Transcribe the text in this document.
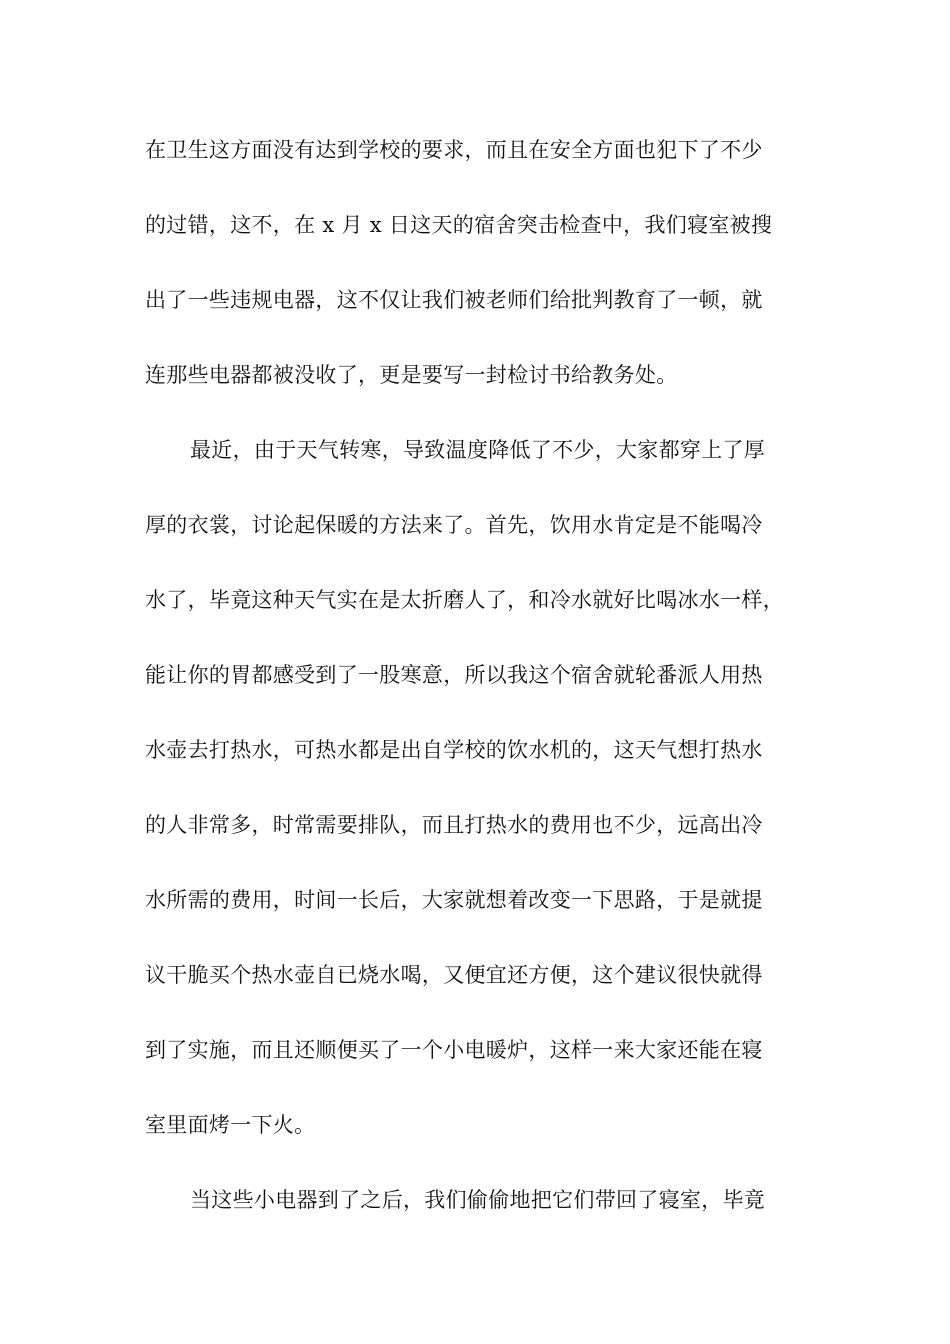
在卫生这方面没有达到学校的要求，而且在安全方面也犯下了不少
的过错，这不，在 x 月 x 日这天的宿舍突击检查中，我们寝室被搜
出了一些违规电器，这不仅让我们被老师们给批判教育了一顿，就
连那些电器都被没收了，更是要写一封检讨书给教务处。
最近，由于天气转寒，导致温度降低了不少，大家都穿上了厚
厚的衣裳，讨论起保暖的方法来了。首先，饮用水肯定是不能喝冷
水了，毕竟这种天气实在是太折磨人了，和冷水就好比喝冰水一样，
能让你的胃都感受到了一股寒意，所以我这个宿舍就轮番派人用热
水壶去打热水，可热水都是出自学校的饮水机的，这天气想打热水
的人非常多，时常需要排队，而且打热水的费用也不少，远高出冷
水所需的费用，时间一长后，大家就想着改变一下思路，于是就提
议干脆买个热水壶自已烧水喝，又便宜还方便，这个建议很快就得
到了实施，而且还顺便买了一个小电暖炉，这样一来大家还能在寝
室里面烤一下火。
当这些小电器到了之后，我们偷偷地把它们带回了寝室，毕竟
